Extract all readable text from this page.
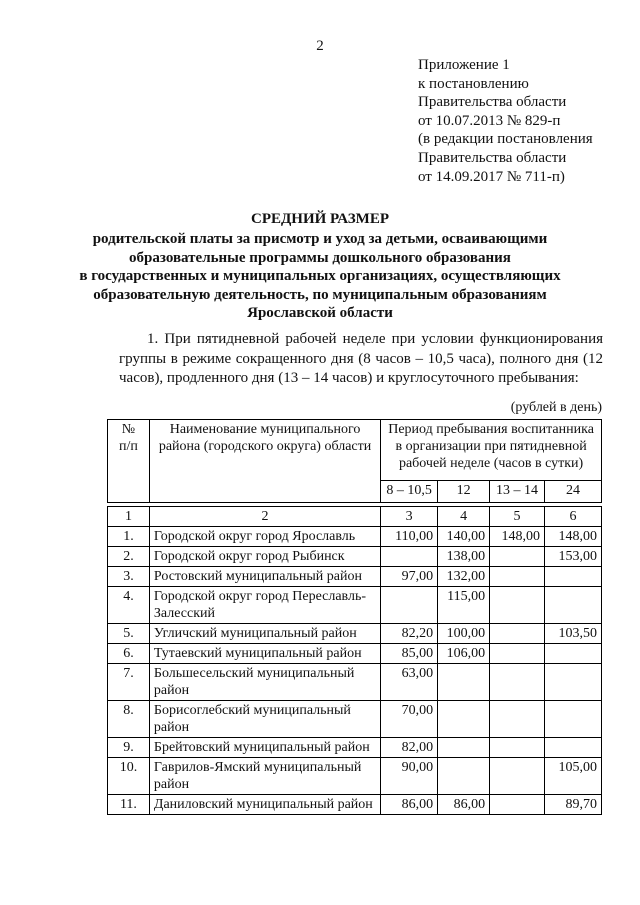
2
Приложение 1
к постановлению
Правительства области
от 10.07.2013 № 829-п
(в редакции постановления
Правительства области
от 14.09.2017 № 711-п)
СРЕДНИЙ РАЗМЕР
родительской платы за присмотр и уход за детьми, осваивающими
образовательные программы дошкольного образования
в государственных и муниципальных организациях, осуществляющих
образовательную деятельность, по муниципальным образованиям
Ярославской области
1. При пятидневной рабочей неделе при условии функционирования группы в режиме сокращенного дня (8 часов – 10,5 часа), полного дня (12 часов), продленного дня (13 – 14 часов) и круглосуточного пребывания:
(рублей в день)
№
п/п	Наименование муниципального района (городского округа) области	Период пребывания воспитанника в организации при пятидневной рабочей неделе (часов в сутки)			
		8 – 10,5	12	13 – 14	24

1	2	3	4	5	6
1.	Городской округ город Ярославль	110,00	140,00	148,00	148,00
2.	Городской округ город Рыбинск		138,00		153,00
3.	Ростовский муниципальный район	97,00	132,00		
4.	Городской округ город Переславль-Залесский		115,00		
5.	Угличский муниципальный район	82,20	100,00		103,50
6.	Тутаевский муниципальный район	85,00	106,00		
7.	Большесельский муниципальный район	63,00			
8.	Борисоглебский муниципальный район	70,00			
9.	Брейтовский муниципальный район	82,00			
10.	Гаврилов-Ямский муниципальный район	90,00			105,00
11.	Даниловский муниципальный район	86,00	86,00		89,70
